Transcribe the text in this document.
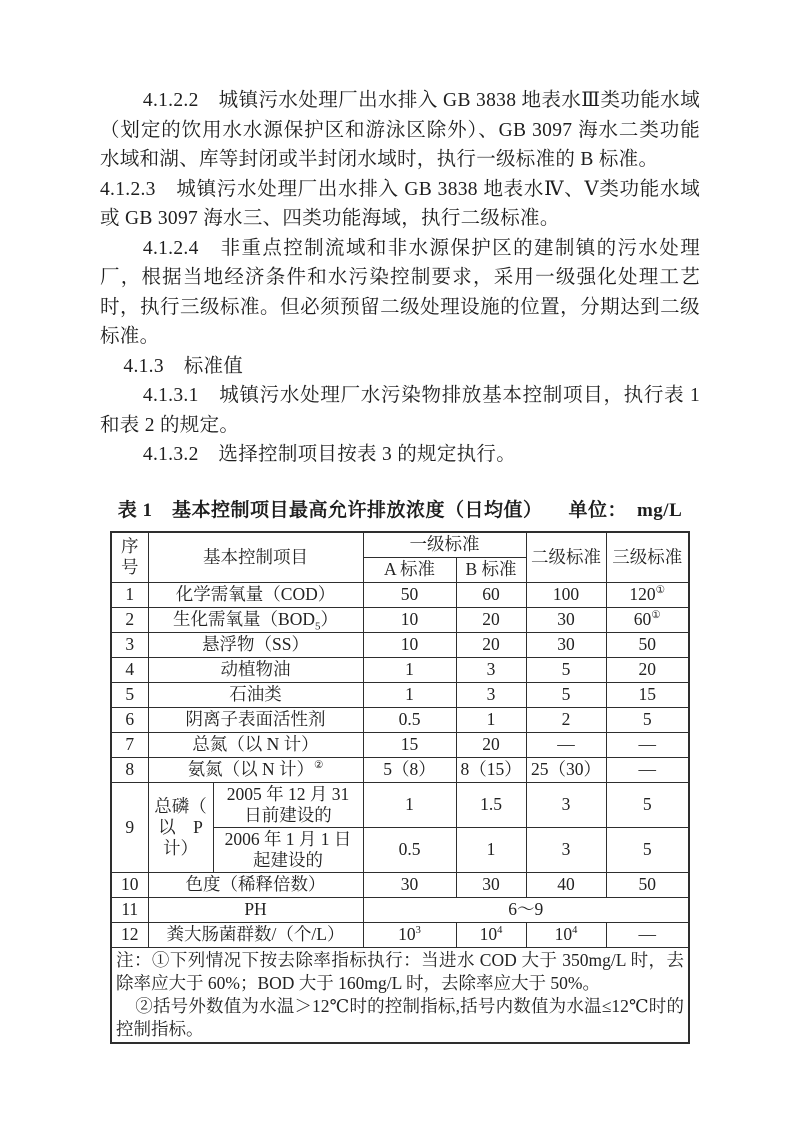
4.1.2.2　城镇污水处理厂出水排入 GB 3838 地表水Ⅲ类功能水域（划定的饮用水水源保护区和游泳区除外）、GB 3097 海水二类功能水域和湖、库等封闭或半封闭水域时，执行一级标准的 B 标准。

4.1.2.3　城镇污水处理厂出水排入 GB 3838 地表水Ⅳ、Ⅴ类功能水域或 GB 3097 海水三、四类功能海域，执行二级标准。

4.1.2.4　非重点控制流域和非水源保护区的建制镇的污水处理厂，根据当地经济条件和水污染控制要求，采用一级强化处理工艺时，执行三级标准。但必须预留二级处理设施的位置，分期达到二级标准。

4.1.3　标准值

4.1.3.1　城镇污水处理厂水污染物排放基本控制项目，执行表 1 和表 2 的规定。

4.1.3.2　选择控制项目按表 3 的规定执行。

表 1　基本控制项目最高允许排放浓度（日均值） 单位：　mg/L
序号	基本控制项目		一级标准		二级标准	三级标准
			A 标准	B 标准		
1	化学需氧量（COD）		50	60	100	120①
2	生化需氧量$(BOD_5)$		10	20	30	60①
3	悬浮物（SS）		10	20	30	50
4	动植物油		1	3	5	20
5	石油类		1	3	5	15
6	阴离子表面活性剂		0.5	1	2	5
7	总氮（以 N 计）		15	20	—	—
8	氨氮（以 N 计）②		5（8）	8（15）	25（30）	—
9	总磷（ 以　P 计）	2005 年 12 月 31 日前建设的	1	1.5	3	5
		2006 年 1 月 1 日起建设的	0.5	1	3	5
10	色度（稀释倍数）		30	30	40	50
11	PH		6～9			
12	粪大肠菌群数/（个/L）		$10^3$	$10^4$	$10^4$	—

注：①下列情况下按去除率指标执行：当进水 COD 大于 350mg/L 时，去除率应大于 60%；BOD 大于 160mg/L 时，去除率应大于 50%。

②括号外数值为水温＞12℃时的控制指标,括号内数值为水温≤12℃时的控制指标。						
